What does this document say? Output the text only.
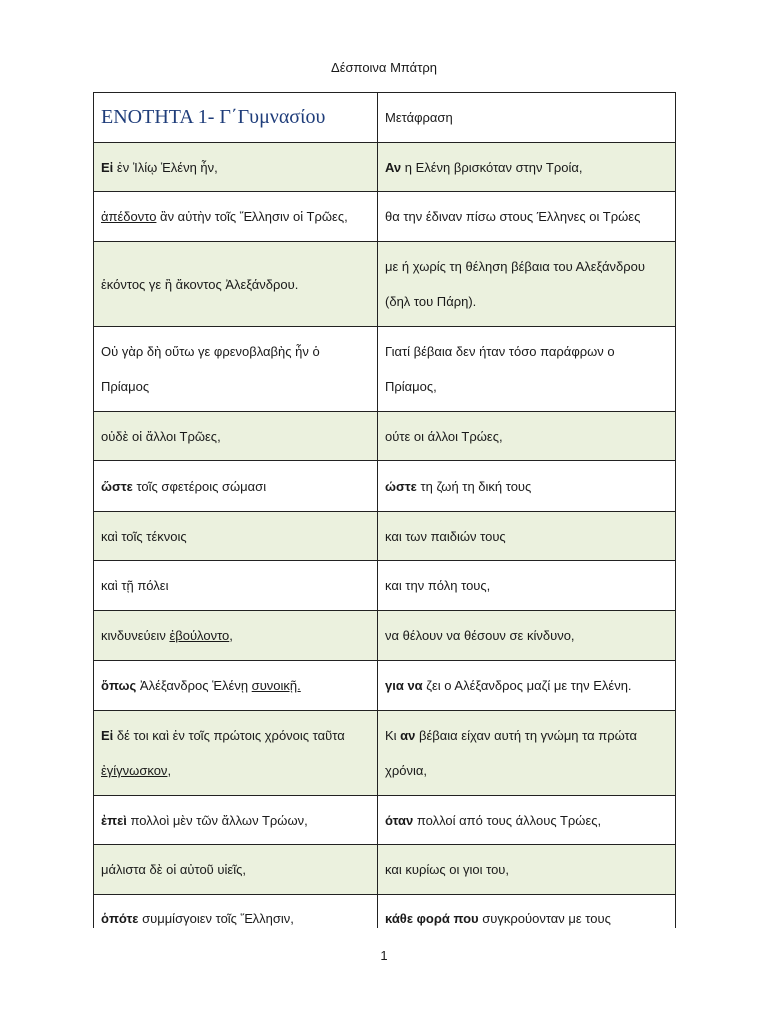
Δέσποινα Μπάτρη
ΕΝΟΤΗΤΑ 1- Γ΄Γυμνασίου	Μετάφραση
Εἰ ἐν Ἰλίῳ Ἑλένη ἦν,	Αν η Ελένη βρισκόταν στην Τροία,
ἀπέδοντο ἂν αὐτὴν τοῖς Ἕλλησιν οἱ Τρῶες,	θα την έδιναν πίσω στους Έλληνες οι Τρώες
ἑκόντος γε ἢ ἄκοντος Ἀλεξάνδρου.	με ή χωρίς τη θέληση βέβαια του Αλεξάνδρου (δηλ του Πάρη).
Οὐ γὰρ δὴ οὕτω γε φρενοβλαβὴς ἦν ὁ Πρίαμος	Γιατί βέβαια δεν ήταν τόσο παράφρων ο Πρίαμος,
οὐδὲ οἱ ἄλλοι Τρῶες,	ούτε οι άλλοι Τρώες,
ὥστε τοῖς σφετέροις σώμασι	ώστε τη ζωή τη δική τους
καὶ τοῖς τέκνοις	και των παιδιών τους
καὶ τῇ πόλει	και την πόλη τους,
κινδυνεύειν ἐβούλοντο,	να θέλουν να θέσουν σε κίνδυνο,
ὅπως Ἀλέξανδρος Ἑλένῃ συνοικῇ.	για να ζει ο Αλέξανδρος μαζί με την Ελένη.
Εἰ δέ τοι καὶ ἐν τοῖς πρώτοις χρόνοις ταῦτα ἐγίγνωσκον,	Κι αν βέβαια είχαν αυτή τη γνώμη τα πρώτα χρόνια,
ἐπεὶ πολλοὶ μὲν τῶν ἄλλων Τρώων,	όταν πολλοί από τους άλλους Τρώες,
μάλιστα δὲ οἱ αὐτοῦ υἱεῖς,	και κυρίως οι γιοι του,
ὁπότε συμμίσγοιεν τοῖς Ἕλλησιν,	κάθε φορά που συγκρούονταν με τους
1
